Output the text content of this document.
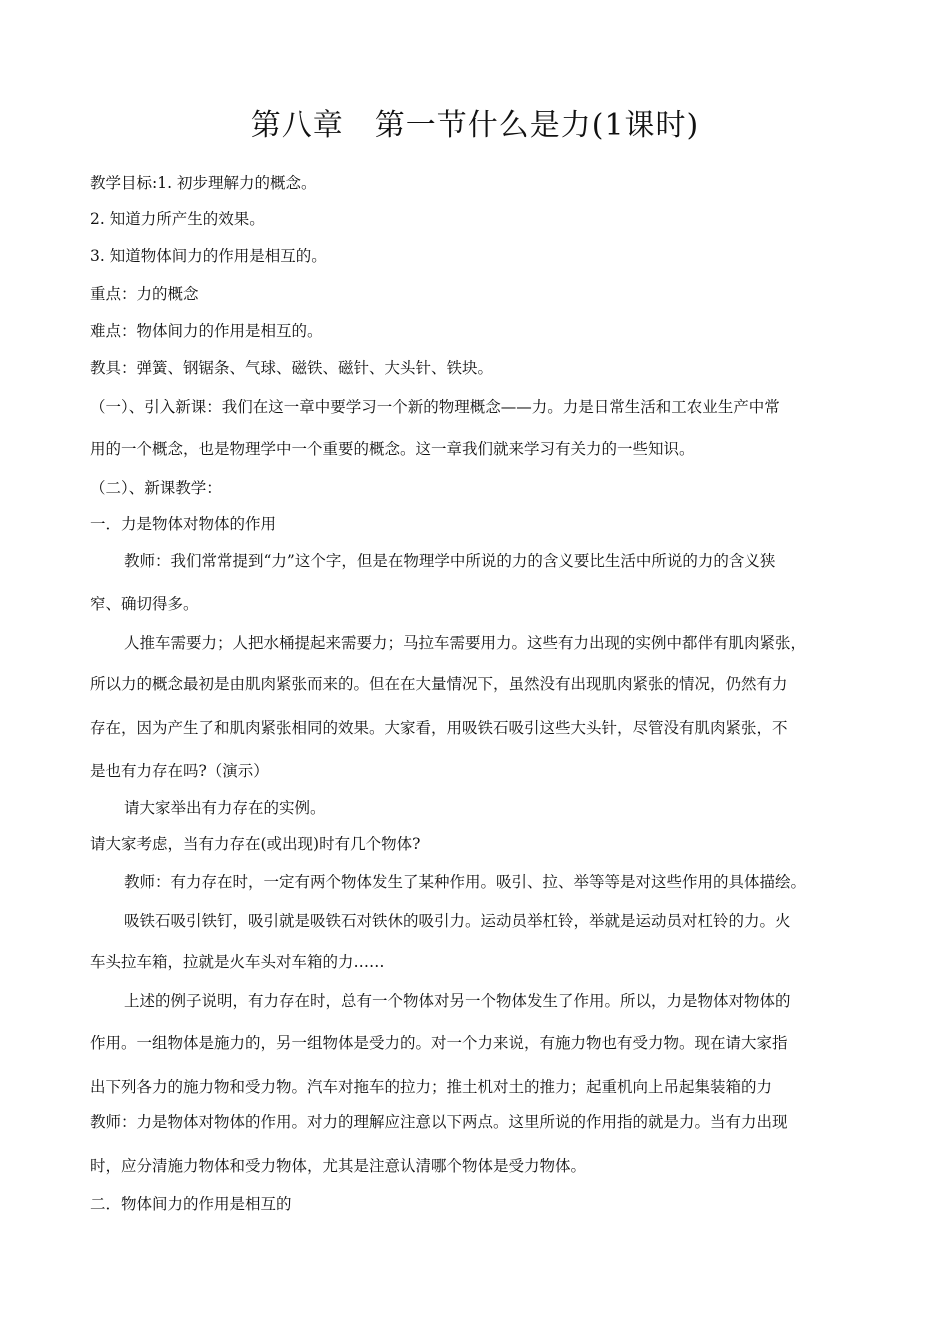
第八章　第一节什么是力(1课时)
教学目标:1. 初步理解力的概念。
2. 知道力所产生的效果。
3. 知道物体间力的作用是相互的。
重点：力的概念
难点：物体间力的作用是相互的。
教具：弹簧、钢锯条、气球、磁铁、磁针、大头针、铁块。
（一）、引入新课：我们在这一章中要学习一个新的物理概念——力。力是日常生活和工农业生产中常
用的一个概念，也是物理学中一个重要的概念。这一章我们就来学习有关力的一些知识。
（二）、新课教学：
一．力是物体对物体的作用
教师：我们常常提到“力”这个字，但是在物理学中所说的力的含义要比生活中所说的力的含义狭
窄、确切得多。
人推车需要力；人把水桶提起来需要力；马拉车需要用力。这些有力出现的实例中都伴有肌肉紧张，
所以力的概念最初是由肌肉紧张而来的。但在在大量情况下，虽然没有出现肌肉紧张的情况，仍然有力
存在，因为产生了和肌肉紧张相同的效果。大家看，用吸铁石吸引这些大头针，尽管没有肌肉紧张，不
是也有力存在吗?（演示）
请大家举出有力存在的实例。
请大家考虑，当有力存在(或出现)时有几个物体?
教师：有力存在时，一定有两个物体发生了某种作用。吸引、拉、举等等是对这些作用的具体描绘。
吸铁石吸引铁钉，吸引就是吸铁石对铁休的吸引力。运动员举杠铃，举就是运动员对杠铃的力。火
车头拉车箱，拉就是火车头对车箱的力……
上述的例子说明，有力存在时，总有一个物体对另一个物体发生了作用。所以，力是物体对物体的
作用。一组物体是施力的，另一组物体是受力的。对一个力来说，有施力物也有受力物。现在请大家指
出下列各力的施力物和受力物。汽车对拖车的拉力；推土机对土的推力；起重机向上吊起集装箱的力
教师：力是物体对物体的作用。对力的理解应注意以下两点。这里所说的作用指的就是力。当有力出现
时，应分清施力物体和受力物体，尤其是注意认清哪个物体是受力物体。
二．物体间力的作用是相互的
